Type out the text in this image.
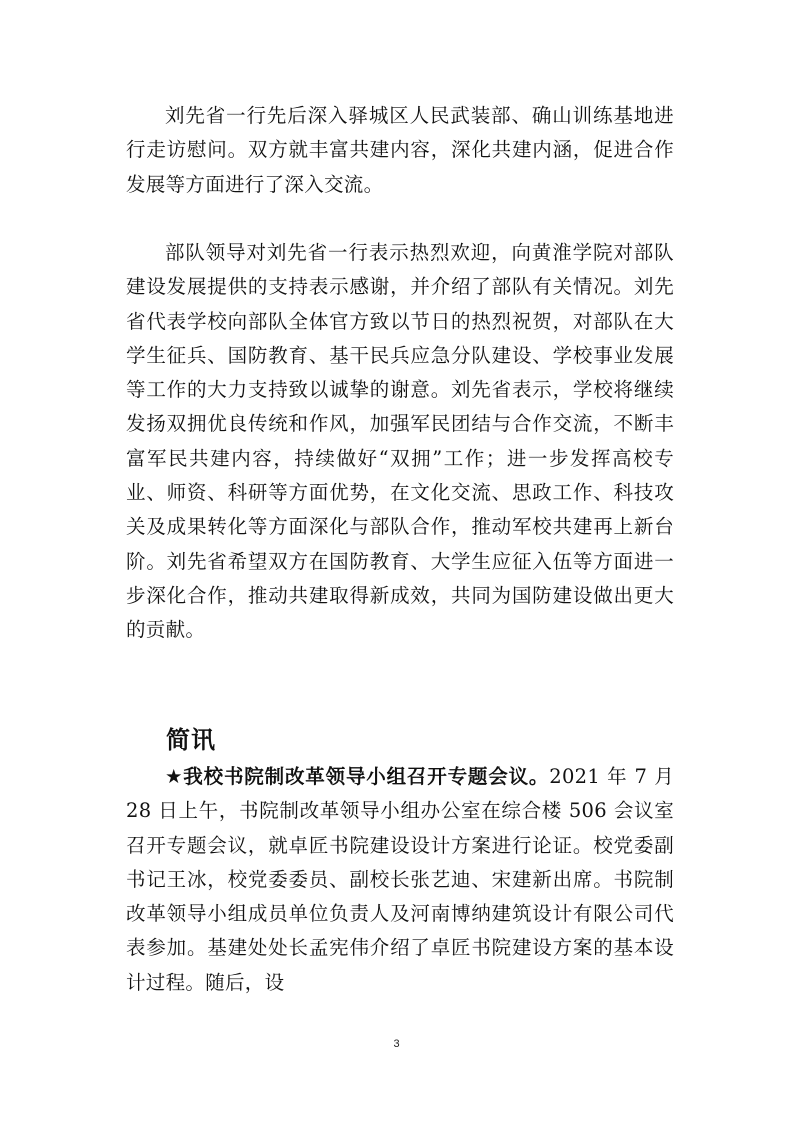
刘先省一行先后深入驿城区人民武装部、确山训练基地进行走访慰问。双方就丰富共建内容，深化共建内涵，促进合作发展等方面进行了深入交流。

部队领导对刘先省一行表示热烈欢迎，向黄淮学院对部队建设发展提供的支持表示感谢，并介绍了部队有关情况。刘先省代表学校向部队全体官方致以节日的热烈祝贺，对部队在大学生征兵、国防教育、基干民兵应急分队建设、学校事业发展等工作的大力支持致以诚挚的谢意。刘先省表示，学校将继续发扬双拥优良传统和作风，加强军民团结与合作交流，不断丰富军民共建内容，持续做好“双拥”工作；进一步发挥高校专业、师资、科研等方面优势，在文化交流、思政工作、科技攻关及成果转化等方面深化与部队合作，推动军校共建再上新台阶。刘先省希望双方在国防教育、大学生应征入伍等方面进一步深化合作，推动共建取得新成效，共同为国防建设做出更大的贡献。

简讯

★我校书院制改革领导小组召开专题会议。2021 年 7 月 28 日上午，书院制改革领导小组办公室在综合楼 506 会议室召开专题会议，就卓匠书院建设设计方案进行论证。校党委副书记王冰，校党委委员、副校长张艺迪、宋建新出席。书院制改革领导小组成员单位负责人及河南博纳建筑设计有限公司代表参加。基建处处长孟宪伟介绍了卓匠书院建设方案的基本设计过程。随后，设

3
